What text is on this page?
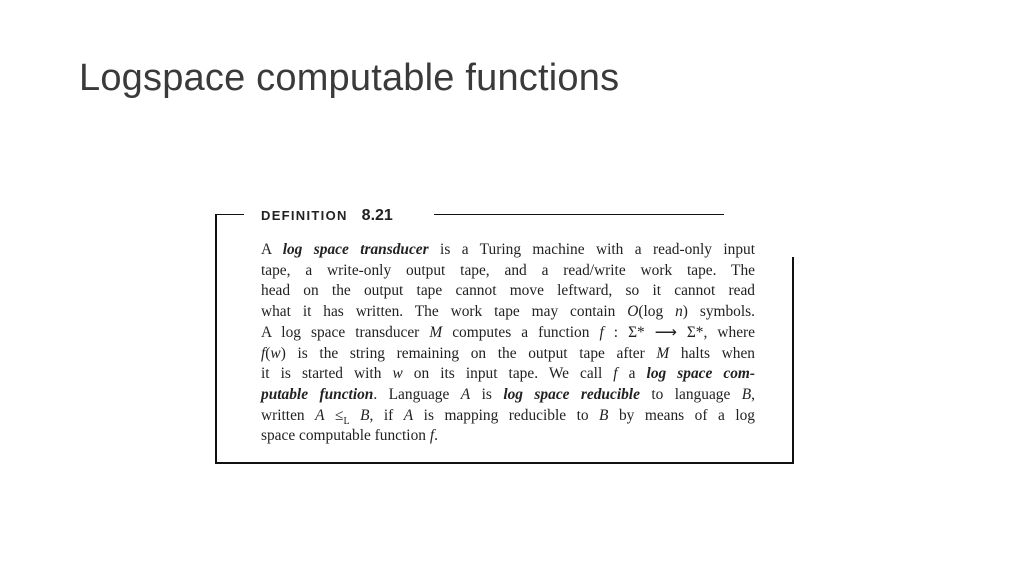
Logspace computable functions
DEFINITION 8.21
A log space transducer is a Turing machine with a read-only input
tape, a write-only output tape, and a read/write work tape. The
head on the output tape cannot move leftward, so it cannot read
what it has written. The work tape may contain O(log n) symbols.
A log space transducer M computes a function f : Σ* ⟶ Σ*, where
f(w) is the string remaining on the output tape after M halts when
it is started with w on its input tape. We call f a log space com-
putable function. Language A is log space reducible to language B,
written $A \le_L$ B, if A is mapping reducible to B by means of a log
space computable function f.
